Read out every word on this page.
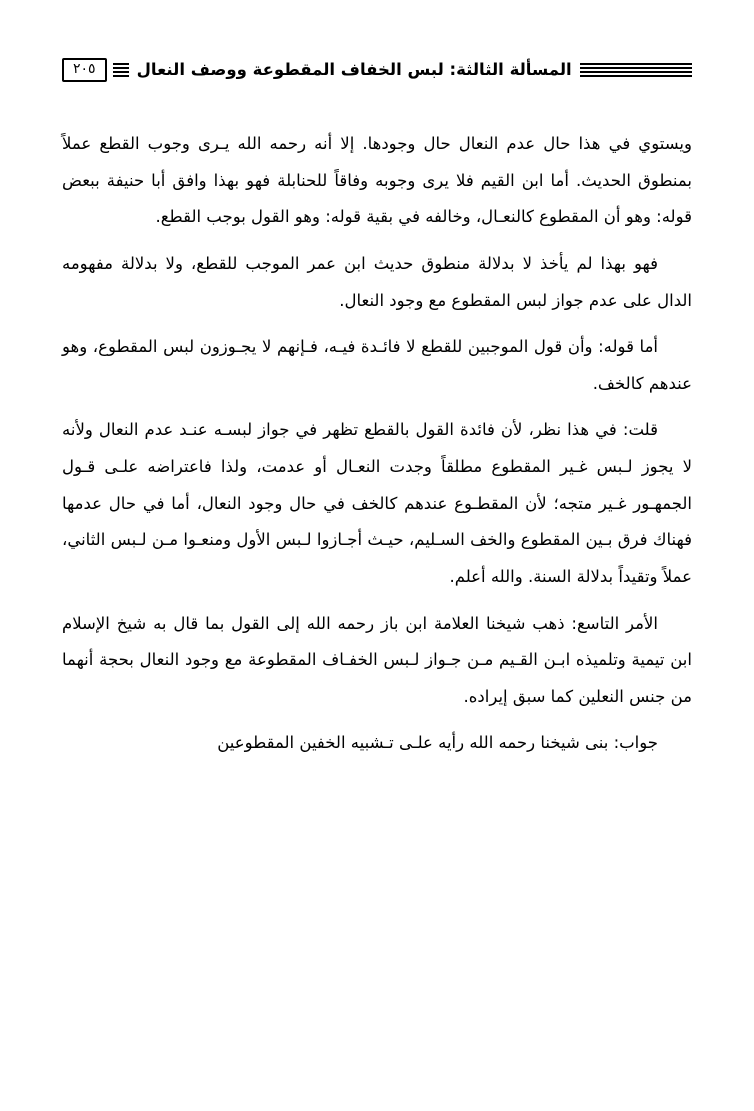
٢٠٥	المسألة الثالثة: لبس الخفاف المقطوعة ووصف النعال

ويستوي في هذا حال عدم النعال حال وجودها. إلا أنه رحمه الله يـرى وجوب القطع عملاً بمنطوق الحديث. أما ابن القيم فلا يرى وجوبه وفاقاً للحنابلة فهو بهذا وافق أبا حنيفة ببعض قوله: وهو أن المقطوع كالنعـال، وخالفه في بقية قوله: وهو القول بوجب القطع.

فهو بهذا لم يأخذ لا بدلالة منطوق حديث ابن عمر الموجب للقطع، ولا بدلالة مفهومه الدال على عدم جواز لبس المقطوع مع وجود النعال.

أما قوله: وأن قول الموجبين للقطع لا فائـدة فيـه، فـإنهم لا يجـوزون لبس المقطوع، وهو عندهم كالخف.

قلت: في هذا نظر، لأن فائدة القول بالقطع تظهر في جواز لبسـه عنـد عدم النعال ولأنه لا يجوز لـبس غـير المقطوع مطلقاً وجدت النعـال أو عدمت، ولذا فاعتراضه علـى قـول الجمهـور غـير متجه؛ لأن المقطـوع عندهم كالخف في حال وجود النعال، أما في حال عدمها فهناك فرق بـين المقطوع والخف السـليم، حيـث أجـازوا لـبس الأول ومنعـوا مـن لـبس الثاني، عملاً وتقيداً بدلالة السنة. والله أعلم.

الأمر التاسع: ذهب شيخنا العلامة ابن باز رحمه الله إلى القول بما قال به شيخ الإسلام ابن تيمية وتلميذه ابـن القـيم مـن جـواز لـبس الخفـاف المقطوعة مع وجود النعال بحجة أنهما من جنس النعلين كما سبق إيراده.

جواب: بنى شيخنا رحمه الله رأيه علـى تـشبيه الخفين المقطوعين
